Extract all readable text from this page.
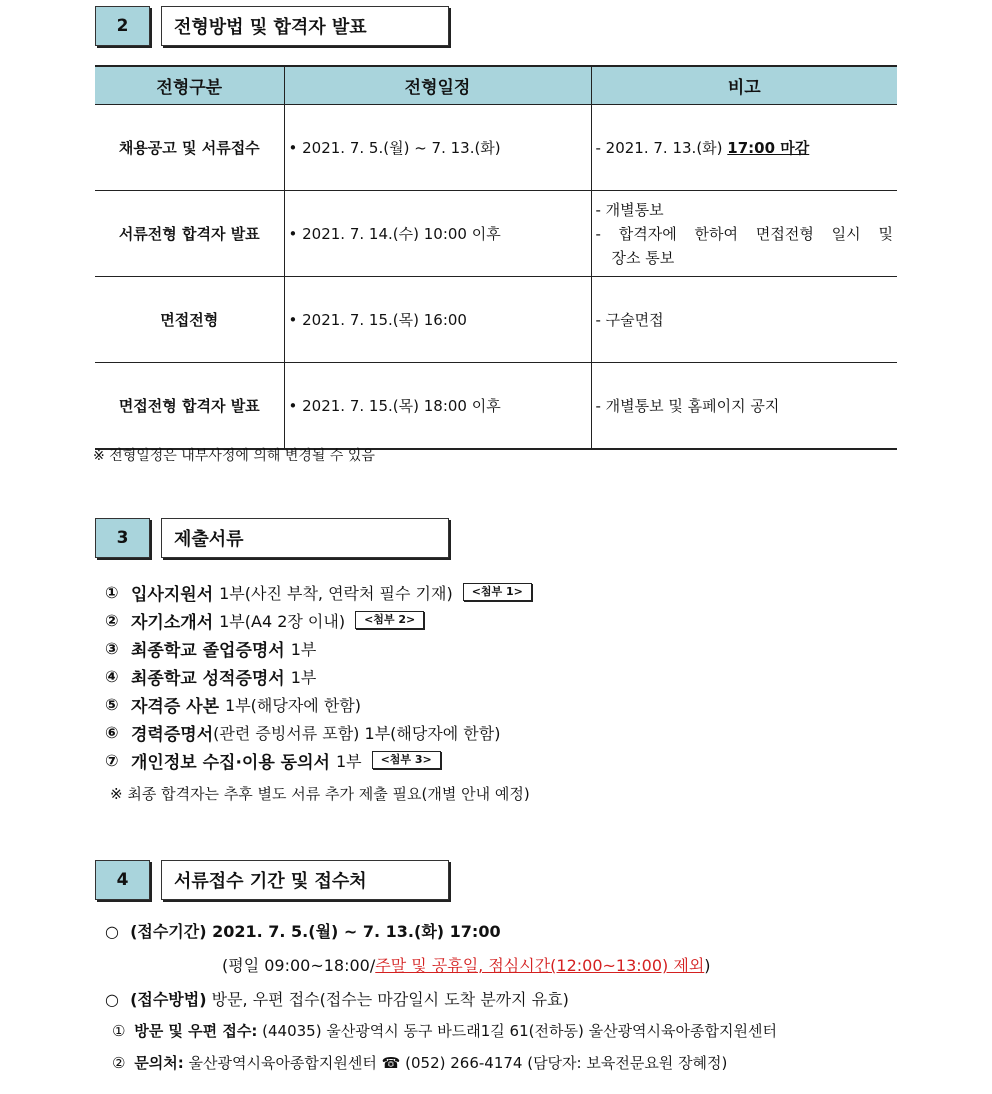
2	전형방법 및 합격자 발표
전형구분	전형일정	비고
채용공고 및 서류접수	• 2021. 7. 5.(월) ~ 7. 13.(화)	- 2021. 7. 13.(화) 17:00 마감
서류전형 합격자 발표	• 2021. 7. 14.(수) 10:00 이후	- 개별통보
- 합격자에 한하여 면접전형 일시 및
장소 통보

면접전형	• 2021. 7. 15.(목) 16:00	- 구술면접
면접전형 합격자 발표	• 2021. 7. 15.(목) 18:00 이후	- 개별통보 및 홈페이지 공지
※ 전형일정은 내부사정에 의해 변경될 수 있음
3	제출서류
① 입사지원서 1부(사진 부착, 연락처 필수 기재)	<첨부 1>
② 자기소개서 1부(A4 2장 이내)	<첨부 2>
③ 최종학교 졸업증명서 1부
④ 최종학교 성적증명서 1부
⑤ 자격증 사본 1부(해당자에 한함)
⑥ 경력증명서 (관련 증빙서류 포함) 1부(해당자에 한함)
⑦ 개인정보 수집·이용 동의서 1부	<첨부 3>
※ 최종 합격자는 추후 별도 서류 추가 제출 필요(개별 안내 예정)
4	서류접수 기간 및 접수처
○ (접수기간) 2021. 7. 5.(월) ~ 7. 13.(화) 17:00
(평일 09:00~18:00/주말 및 공휴일, 점심시간(12:00~13:00) 제외)
○ (접수방법) 방문, 우편 접수(접수는 마감일시 도착 분까지 유효)
① 방문 및 우편 접수: (44035) 울산광역시 동구 바드래1길 61(전하동) 울산광역시육아종합지원센터
② 문의처: 울산광역시육아종합지원센터 ☎ (052) 266-4174 (담당자: 보육전문요원 장혜정)
